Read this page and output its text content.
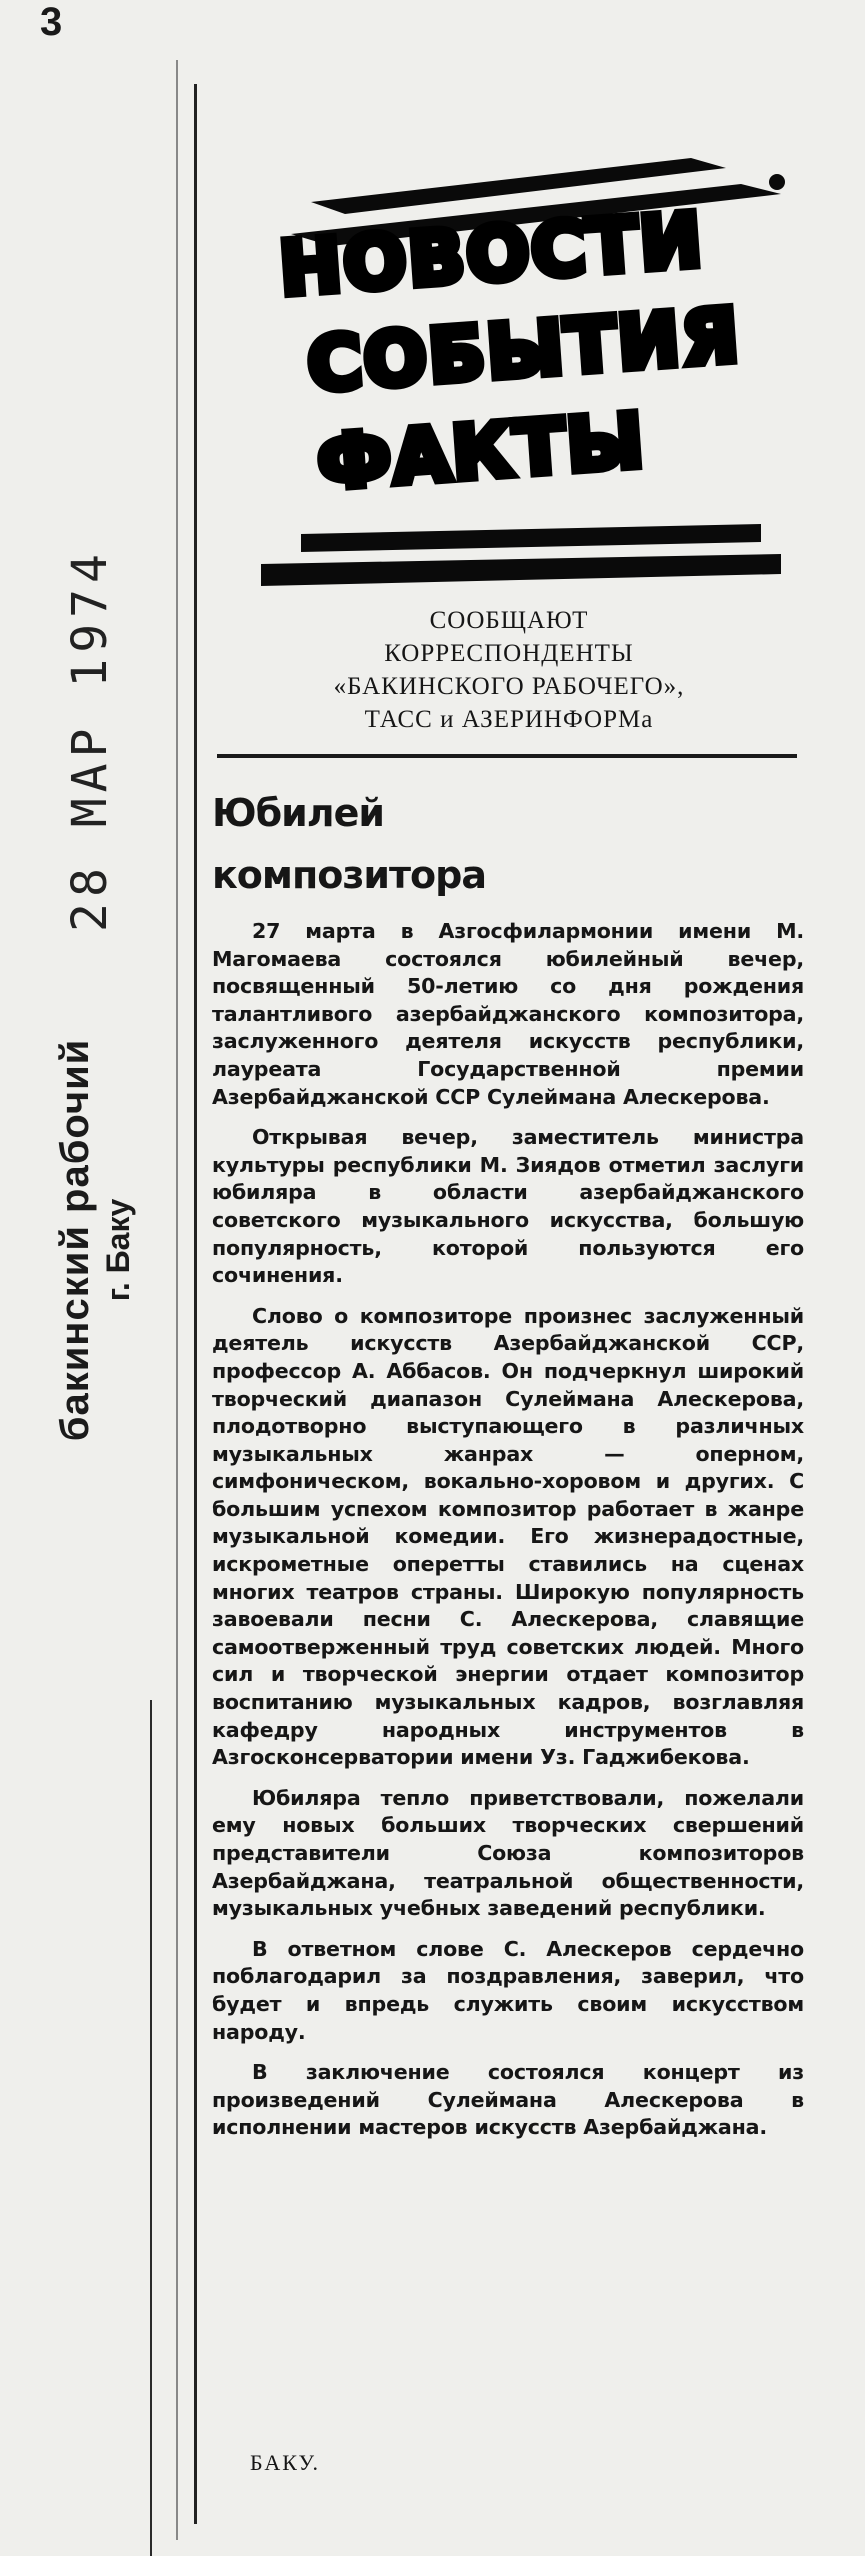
3
28 МАР 1974
бакинский рабочий г. Баку
НОВОСТИ
СОБЫТИЯ
ФАКТЫ
СООБЩАЮТ
КОРРЕСПОНДЕНТЫ
«БАКИНСКОГО РАБОЧЕГО»,
ТАСС и АЗЕРИНФОРМа
Юбилей
композитора

27 марта в Азгосфилармонии имени М. Магомаева состоялся юбилейный вечер, посвященный 50-летию со дня рождения талантливого азербайджанского композитора, заслуженного деятеля искусств республики, лауреата Государственной премии Азербайджанской ССР Сулеймана Алескерова.

Открывая вечер, заместитель министра культуры республики М. Зиядов отметил заслуги юбиляра в области азербайджанского советского музыкального искусства, большую популярность, которой пользуются его сочинения.

Слово о композиторе произнес заслуженный деятель искусств Азербайджанской ССР, профессор А. Аббасов. Он подчеркнул широкий творческий диапазон Сулеймана Алескерова, плодотворно выступающего в различных музыкальных жанрах — оперном, симфоническом, вокально-хоровом и других. С большим успехом композитор работает в жанре музыкальной комедии. Его жизнерадостные, искрометные оперетты ставились на сценах многих театров страны. Широкую популярность завоевали песни С. Алескерова, славящие самоотверженный труд советских людей. Много сил и творческой энергии отдает композитор воспитанию музыкальных кадров, возглавляя кафедру народных инструментов в Азгосконсерватории имени Уз. Гаджибекова.

Юбиляра тепло приветствовали, пожелали ему новых больших творческих свершений представители Союза композиторов Азербайджана, театральной общественности, музыкальных учебных заведений республики.

В ответном слове С. Алескеров сердечно поблагодарил за поздравления, заверил, что будет и впредь служить своим искусством народу.

В заключение состоялся концерт из произведений Сулеймана Алескерова в исполнении мастеров искусств Азербайджана.

БАКУ.
